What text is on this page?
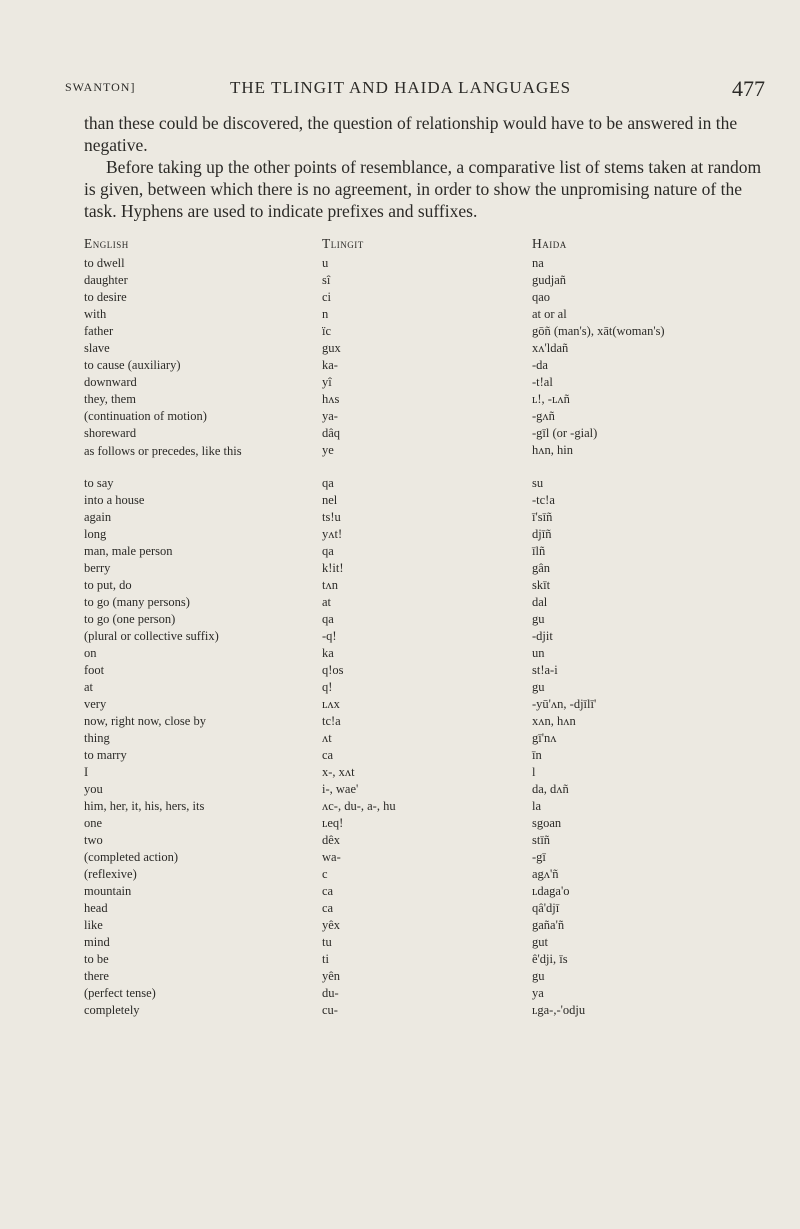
SWANTON]	THE TLINGIT AND HAIDA LANGUAGES	477

than these could be discovered, the question of relationship would have to be answered in the negative.

Before taking up the other points of resemblance, a comparative list of stems taken at random is given, between which there is no agreement, in order to show the unpromising nature of the task. Hyphens are used to indicate prefixes and suffixes.

English	Tlingit	Haida
to dwell	u	na
daughter	sî	gudjañ
to desire	ci	qao
with	n	at or al
father	ïc	gōñ (man's), xāt(woman's)
slave	gux	xʌ'ldañ
to cause (auxiliary)	ka-	-da
downward	yî	-t!al
they, them	hʌs	ʟ!, -ʟʌñ
(continuation of motion)	ya-	-gʌñ
shoreward	dâq	-gīl (or -gial)
as follows or precedes, like this	ye	hʌn, hin
to say	qa	su
into a house	nel	-tc!a
again	ts!u	ī'sīñ
long	yʌt!	djīñ
man, male person	qa	īlñ
berry	k!it!	gân
to put, do	tʌn	skīt
to go (many persons)	at	dal
to go (one person)	qa	gu
(plural or collective suffix)	-q!	-djit
on	ka	un
foot	q!os	st!a-i
at	q!	gu
very	ʟʌx	-yū'ʌn, -djīlī'
now, right now, close by	tc!a	xʌn, hʌn
thing	ʌt	gī'nʌ
to marry	ca	īn
I	x-, xʌt	l
you	i-, wae'	da, dʌñ
him, her, it, his, hers, its	ʌc-, du-, a-, hu	la
one	ʟeq!	sgoan
two	dêx	stīñ
(completed action)	wa-	-gī
(reflexive)	c	agʌ'ñ
mountain	ca	ʟdaga'o
head	ca	qâ'djī
like	yêx	gaña'ñ
mind	tu	gut
to be	ti	ê'dji, īs
there	yên	gu
(perfect tense)	du-	ya
completely	cu-	ʟga-,-'odju
